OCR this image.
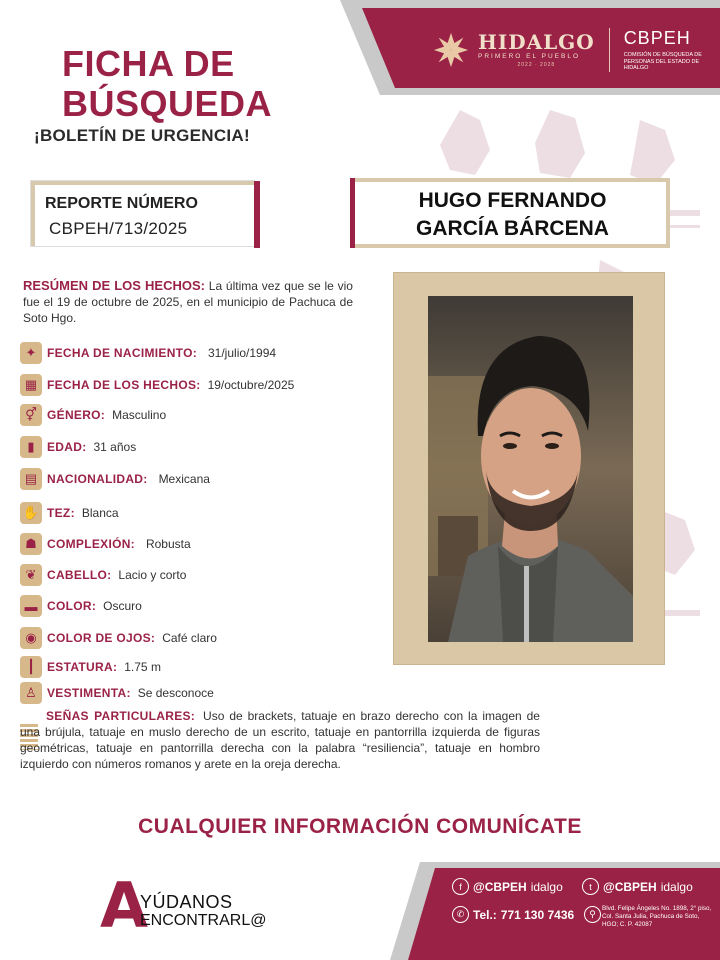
HIDALGO
PRIMERO EL PUEBLO
2022 · 2028
CBPEH
COMISIÓN DE BÚSQUEDA DE PERSONAS DEL ESTADO DE HIDALGO
FICHA DE
BÚSQUEDA
¡BOLETÍN DE URGENCIA!
REPORTE NÚMERO
CBPEH/713/2025
HUGO FERNANDO
GARCÍA BÁRCENA
RESÚMEN DE LOS HECHOS: La última vez que se le vio fue el 19 de octubre de 2025, en el municipio de Pachuca de Soto Hgo.
✦ FECHA DE NACIMIENTO: 31/julio/1994
▦ FECHA DE LOS HECHOS: 19/octubre/2025
⚥ GÉNERO: Masculino
▮	EDAD: 31 años
▤ NACIONALIDAD: Mexicana
✋ TEZ: Blanca
☗ COMPLEXIÓN: Robusta
❦ CABELLO: Lacio y corto
▬ COLOR: Oscuro
◉ COLOR DE OJOS: Café claro
┃	ESTATURA: 1.75 m
♙ VESTIMENTA: Se desconoce
SEÑAS PARTICULARES: Uso de brackets, tatuaje en brazo derecho con la imagen de una brújula, tatuaje en muslo derecho de un escrito, tatuaje en pantorrilla izquierda de figuras geométricas, tatuaje en pantorrilla derecha con la palabra “resiliencia”, tatuaje en hombro izquierdo con números romanos y arete en la oreja derecha.
CUALQUIER INFORMACIÓN COMUNÍCATE
A
YÚDANOS
ENCONTRARL@
f @CBPEH idalgo	t @CBPEH idalgo
✆ Tel.: 771 130 7436	⚲
Blvd. Felipe Ángeles No. 1898, 2° piso, Col. Santa Julia, Pachuca de Soto, HGO; C. P. 42087
